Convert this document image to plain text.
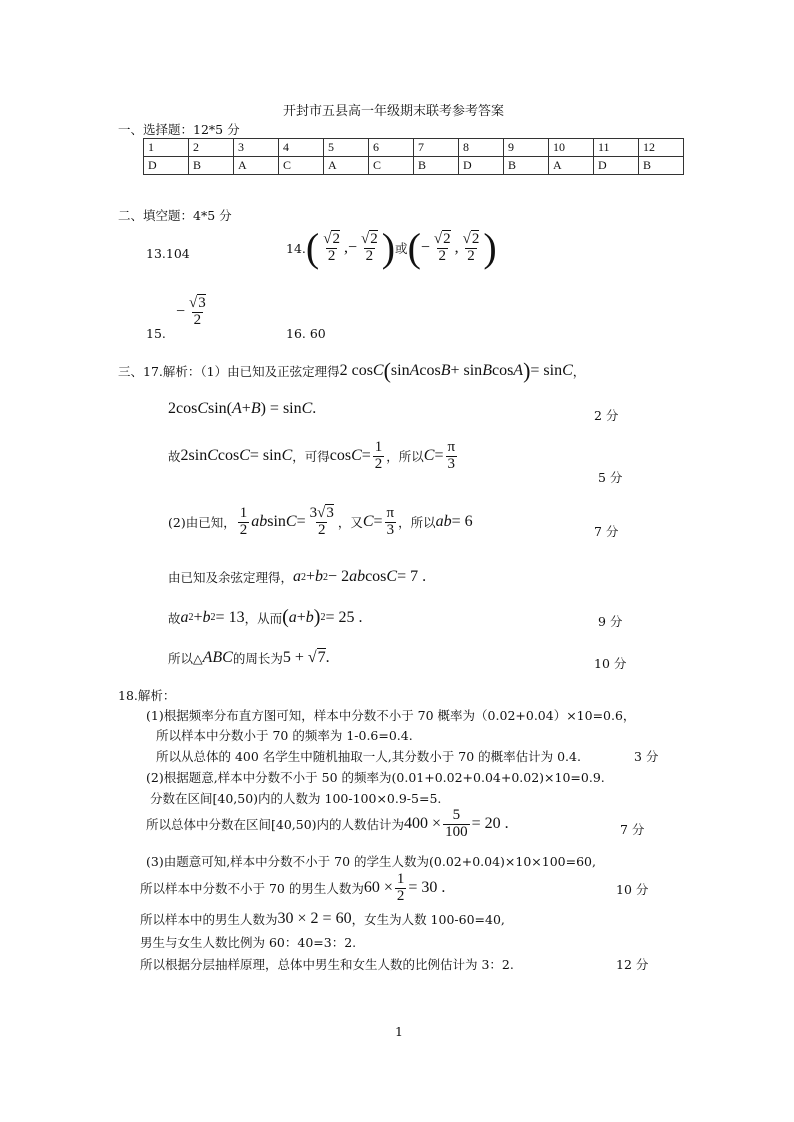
开封市五县高一年级期末联考参考答案
一、选择题：12*5 分
1	2	3	4	5	6	7	8	9	10	11	12
D	B	A	C	A	C	B	D	B	A	D	B
二、填空题：4*5 分
13.104	14. ( $\frac{√2}{2}$ ,− $\frac{√2}{2}$ ) 或 ( − $\frac{√2}{2}$ , $\frac{√2}{2}$ )
15.
− $\frac{√3}{2}$
16. 60
三、17.解析：（1）由已知及正弦定理得 2 cos C ( sin A cos B + sin B cos A ) = sin C ，
2cosCsin(A+B) = sinC.	2 分
故 2sin C cos C = sin C ，可得 $\cos C = \frac{1}{2}$ ，所以 $C = \frac{\pi}{3}$
5 分
(2)由已知， $\frac{1}{2}$ ab $\sin C = \frac{3√3}{2}$ ，又 $C = \frac{\pi}{3}$ ，所以 ab = 6
7 分
由已知及余弦定理得， a 2 + b 2 − 2 ab cos C = 7 .
故 a 2 + b 2 = 13 ，从而 ( a + b ) 2 = 25 .	9 分
所以△ ABC 的周长为 5 + √ 7 .	10 分
18.解析：
(1)根据频率分布直方图可知，样本中分数不小于 70 概率为（0.02+0.04）×10=0.6，
所以样本中分数小于 70 的频率为 1-0.6=0.4.
所以从总体的 400 名学生中随机抽取一人,其分数小于 70 的概率估计为 0.4.	3 分
(2)根据题意,样本中分数不小于 50 的频率为(0.01+0.02+0.04+0.02)×10=0.9.
分数在区间[40,50)内的人数为 100-100×0.9-5=5.
所以总体中分数在区间[40,50)内的人数估计为 $400 \times \frac{5}{100} = 20$ .	7 分
(3)由题意可知,样本中分数不小于 70 的学生人数为(0.02+0.04)×10×100=60,
所以样本中分数不小于 70 的男生人数为 $60 \times \frac{1}{2} = 30$ .	10 分
所以样本中的男生人数为 30 × 2 = 60 ，女生为人数 100-60=40,
男生与女生人数比例为 60：40=3：2.
所以根据分层抽样原理，总体中男生和女生人数的比例估计为 3：2.	12 分
1
